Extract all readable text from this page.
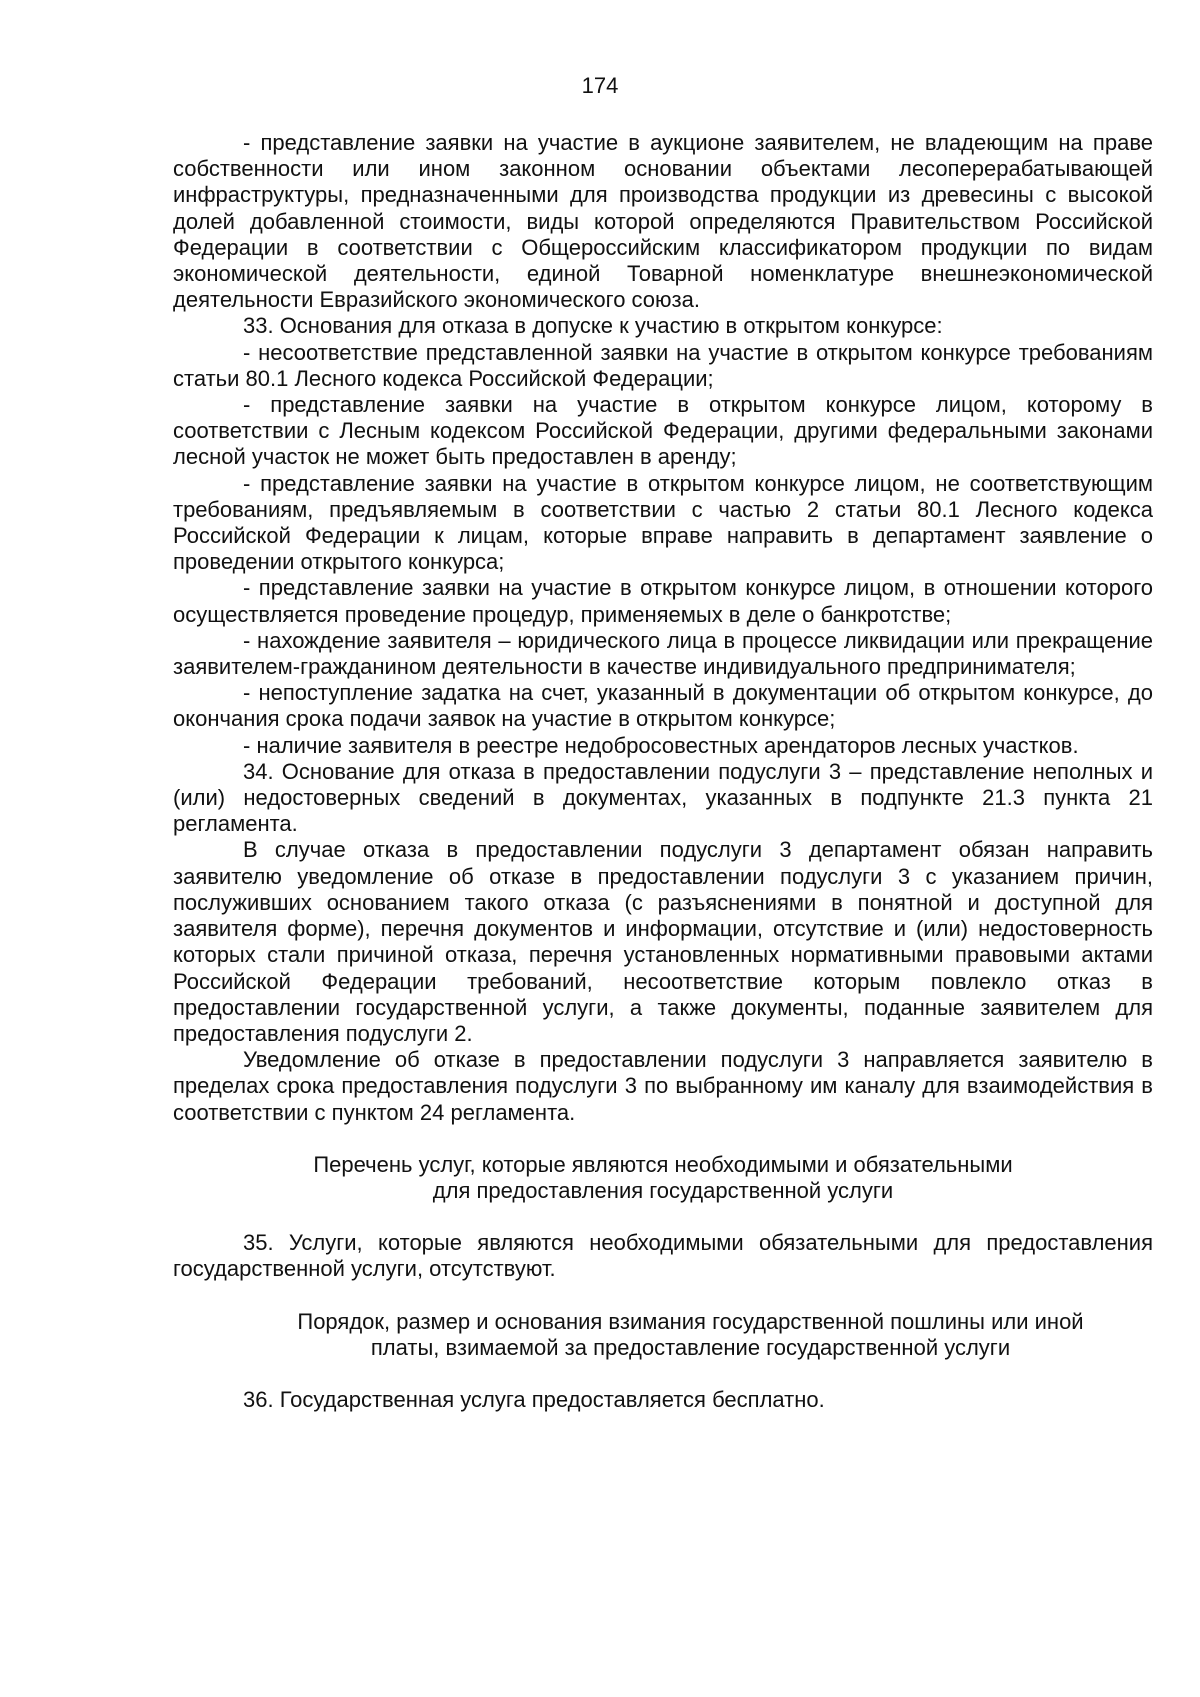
174

- представление заявки на участие в аукционе заявителем, не владеющим на праве собственности или ином законном основании объектами лесоперерабатывающей инфраструктуры, предназначенными для производства продукции из древесины с высокой долей добавленной стоимости, виды которой определяются Правительством Российской Федерации в соответствии с Общероссийским классификатором продукции по видам экономической деятельности, единой Товарной номенклатуре внешнеэкономической деятельности Евразийского экономического союза.

33. Основания для отказа в допуске к участию в открытом конкурсе:

- несоответствие представленной заявки на участие в открытом конкурсе требованиям статьи 80.1 Лесного кодекса Российской Федерации;

- представление заявки на участие в открытом конкурсе лицом, которому в соответствии с Лесным кодексом Российской Федерации, другими федеральными законами лесной участок не может быть предоставлен в аренду;

- представление заявки на участие в открытом конкурсе лицом, не соответствующим требованиям, предъявляемым в соответствии с частью 2 статьи 80.1 Лесного кодекса Российской Федерации к лицам, которые вправе направить в департамент заявление о проведении открытого конкурса;

- представление заявки на участие в открытом конкурсе лицом, в отношении которого осуществляется проведение процедур, применяемых в деле о банкротстве;

- нахождение заявителя – юридического лица в процессе ликвидации или прекращение заявителем-гражданином деятельности в качестве индивидуального предпринимателя;

- непоступление задатка на счет, указанный в документации об открытом конкурсе, до окончания срока подачи заявок на участие в открытом конкурсе;

- наличие заявителя в реестре недобросовестных арендаторов лесных участков.

34. Основание для отказа в предоставлении подуслуги 3 – представление неполных и (или) недостоверных сведений в документах, указанных в подпункте 21.3 пункта 21 регламента.

В случае отказа в предоставлении подуслуги 3 департамент обязан направить заявителю уведомление об отказе в предоставлении подуслуги 3 с указанием причин, послуживших основанием такого отказа (с разъяснениями в понятной и доступной для заявителя форме), перечня документов и информации, отсутствие и (или) недостоверность которых стали причиной отказа, перечня установленных нормативными правовыми актами Российской Федерации требований, несоответствие которым повлекло отказ в предоставлении государственной услуги, а также документы, поданные заявителем для предоставления подуслуги 2.

Уведомление об отказе в предоставлении подуслуги 3 направляется заявителю в пределах срока предоставления подуслуги 3 по выбранному им каналу для взаимодействия в соответствии с пунктом 24 регламента.

Перечень услуг, которые являются необходимыми и обязательными
для предоставления государственной услуги

35. Услуги, которые являются необходимыми обязательными для предоставления государственной услуги, отсутствуют.

Порядок, размер и основания взимания государственной пошлины или иной
платы, взимаемой за предоставление государственной услуги

36. Государственная услуга предоставляется бесплатно.
